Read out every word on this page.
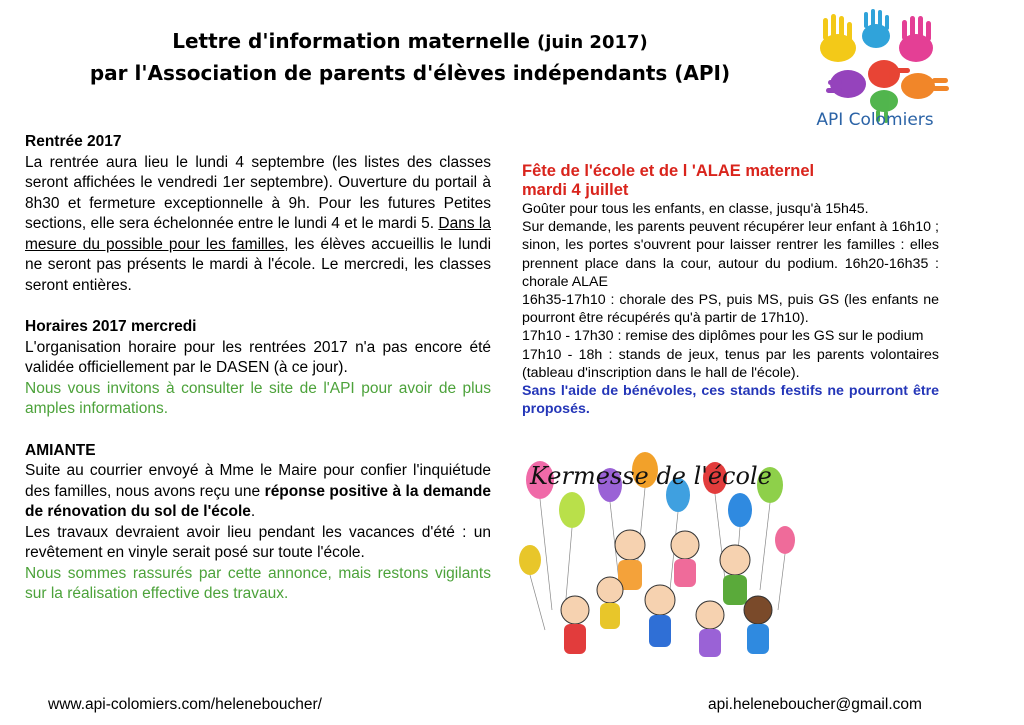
Lettre d'information maternelle (juin 2017)
par l'Association de parents d'élèves indépendants (API)
API Colomiers
Rentrée 2017
La rentrée aura lieu le lundi 4 septembre (les listes des classes seront affichées le vendredi 1er septembre). Ouverture du portail à 8h30 et fermeture exceptionnelle à 9h. Pour les futures Petites sections, elle sera échelonnée entre le lundi 4 et le mardi 5. Dans la mesure du possible pour les familles, les élèves accueillis le lundi ne seront pas présents le mardi à l'école. Le mercredi, les classes seront entières.
Horaires 2017 mercredi
L'organisation horaire pour les rentrées 2017 n'a pas encore été validée officiellement par le DASEN (à ce jour).
Nous vous invitons à consulter le site de l'API pour avoir de plus amples informations.
AMIANTE
Suite au courrier envoyé à Mme le Maire pour confier l'inquiétude des familles, nous avons reçu une réponse positive à la demande de rénovation du sol de l'école.
Les travaux devraient avoir lieu pendant les vacances d'été : un revêtement en vinyle serait posé sur toute l'école.
Nous sommes rassurés par cette annonce, mais restons vigilants sur la réalisation effective des travaux.
Fête de l'école et de l 'ALAE maternel
mardi 4 juillet
Goûter pour tous les enfants, en classe, jusqu'à 15h45.
Sur demande, les parents peuvent récupérer leur enfant à 16h10 ; sinon, les portes s'ouvrent pour laisser rentrer les familles : elles prennent place dans la cour, autour du podium. 16h20-16h35 : chorale ALAE
16h35-17h10 : chorale des PS, puis MS, puis GS (les enfants ne pourront être récupérés qu'à partir de 17h10).
17h10 - 17h30 : remise des diplômes pour les GS sur le podium
17h10 - 18h : stands de jeux, tenus par les parents volontaires (tableau d'inscription dans le hall de l'école).
Sans l'aide de bénévoles, ces stands festifs ne pourront être proposés.
Kermesse de l'école
www.api-colomiers.com/heleneboucher/	api.heleneboucher@gmail.com
